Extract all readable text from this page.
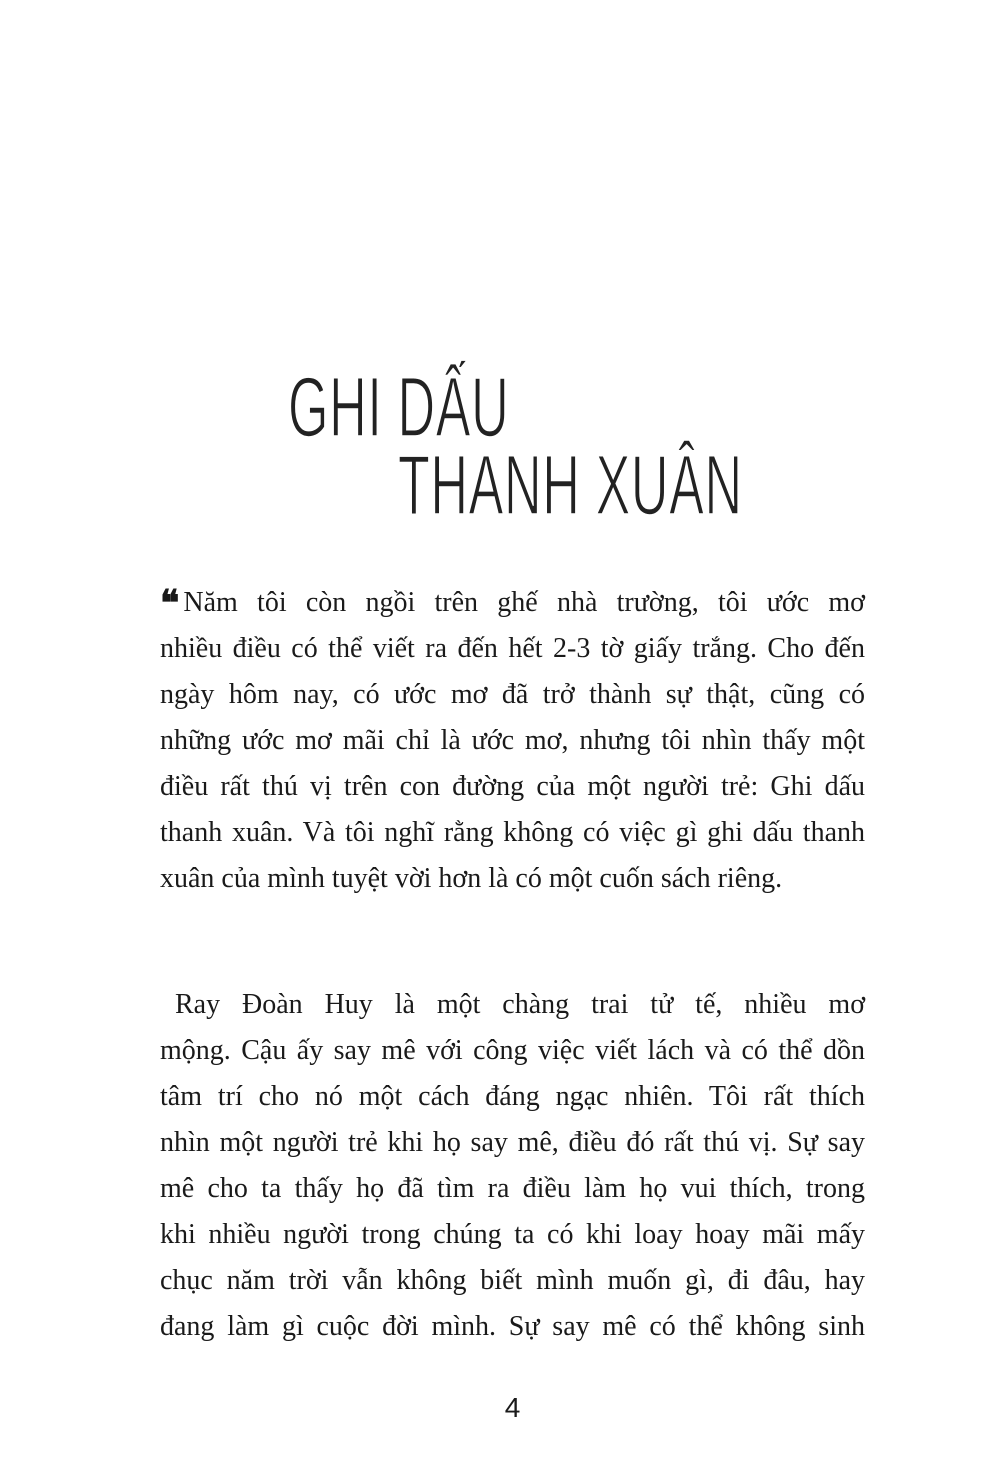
GHI DẤU
THANH XUÂN
❝ Năm tôi còn ngồi trên ghế nhà trường, tôi ước mơ
nhiều điều có thể viết ra đến hết 2-3 tờ giấy trắng. Cho đến
ngày hôm nay, có ước mơ đã trở thành sự thật, cũng có
những ước mơ mãi chỉ là ước mơ, nhưng tôi nhìn thấy một
điều rất thú vị trên con đường của một người trẻ: Ghi dấu
thanh xuân. Và tôi nghĩ rằng không có việc gì ghi dấu thanh
xuân của mình tuyệt vời hơn là có một cuốn sách riêng.
Ray Đoàn Huy là một chàng trai tử tế, nhiều mơ
mộng. Cậu ấy say mê với công việc viết lách và có thể dồn
tâm trí cho nó một cách đáng ngạc nhiên. Tôi rất thích
nhìn một người trẻ khi họ say mê, điều đó rất thú vị. Sự say
mê cho ta thấy họ đã tìm ra điều làm họ vui thích, trong
khi nhiều người trong chúng ta có khi loay hoay mãi mấy
chục năm trời vẫn không biết mình muốn gì, đi đâu, hay
đang làm gì cuộc đời mình. Sự say mê có thể không sinh
4
